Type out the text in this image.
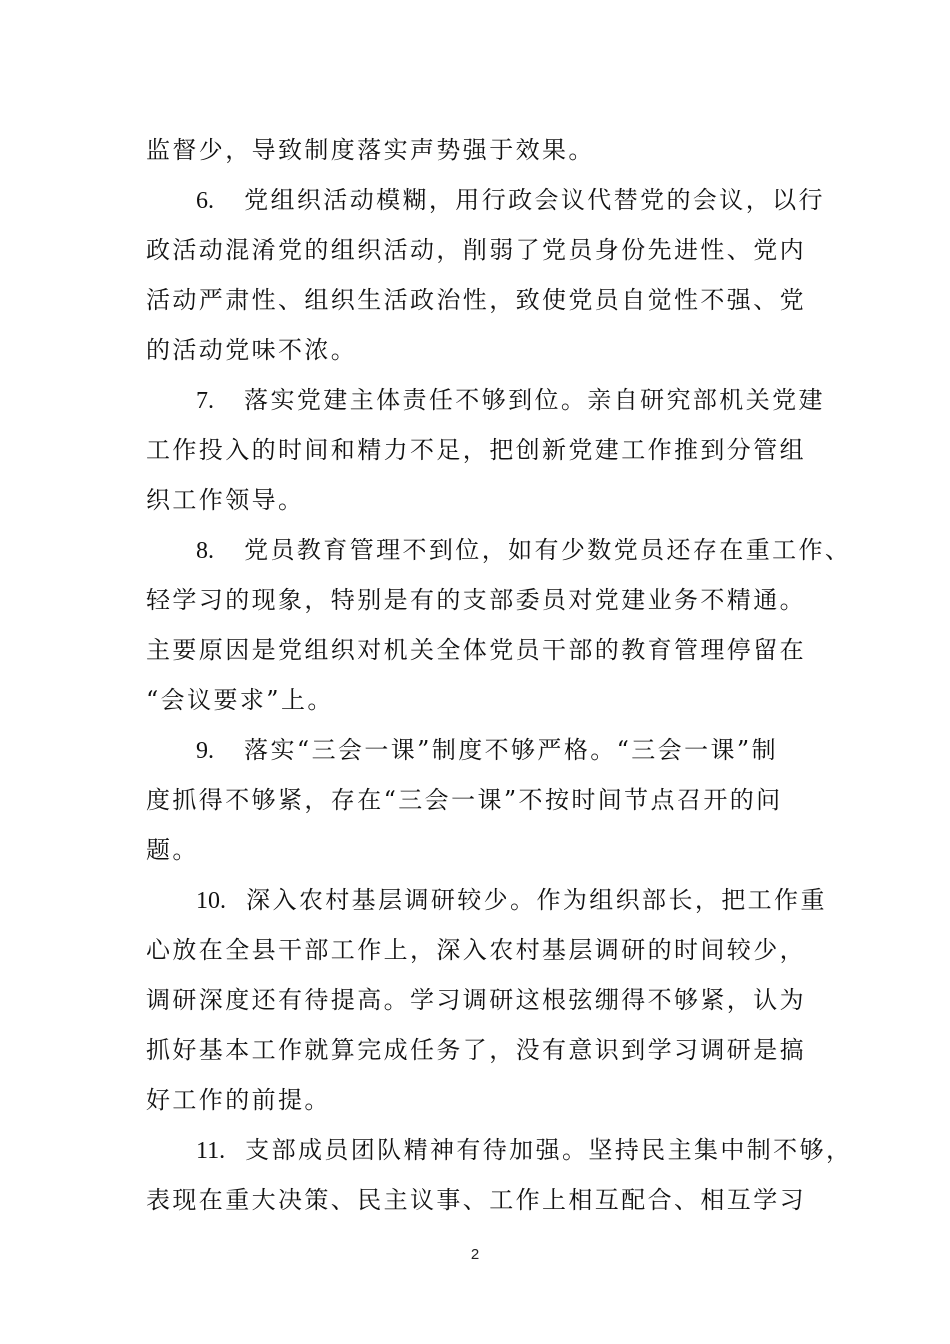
监督少，导致制度落实声势强于效果。
6. 党组织活动模糊，用行政会议代替党的会议，以行
政活动混淆党的组织活动，削弱了党员身份先进性、党内
活动严肃性、组织生活政治性，致使党员自觉性不强、党
的活动党味不浓。
7. 落实党建主体责任不够到位。亲自研究部机关党建
工作投入的时间和精力不足，把创新党建工作推到分管组
织工作领导。
8. 党员教育管理不到位，如有少数党员还存在重工作、
轻学习的现象，特别是有的支部委员对党建业务不精通。
主要原因是党组织对机关全体党员干部的教育管理停留在
“会议要求”上。
9. 落实“三会一课”制度不够严格。“三会一课”制
度抓得不够紧，存在“三会一课”不按时间节点召开的问
题。
10. 深入农村基层调研较少。作为组织部长，把工作重
心放在全县干部工作上，深入农村基层调研的时间较少，
调研深度还有待提高。学习调研这根弦绷得不够紧，认为
抓好基本工作就算完成任务了，没有意识到学习调研是搞
好工作的前提。
11. 支部成员团队精神有待加强。坚持民主集中制不够，
表现在重大决策、民主议事、工作上相互配合、相互学习
2
